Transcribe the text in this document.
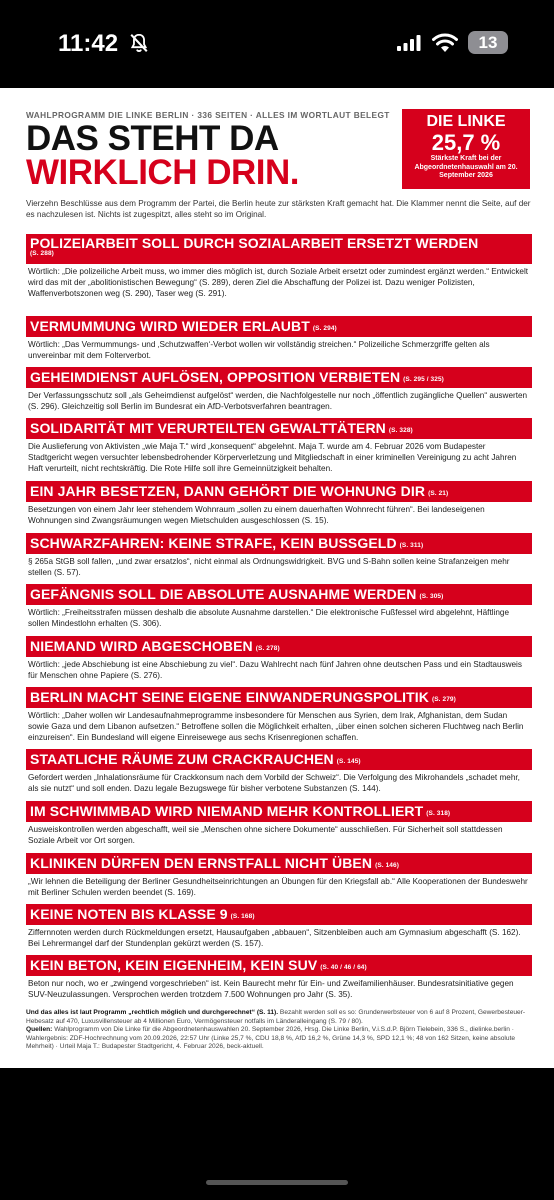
11:42	13
WAHLPROGRAMM DIE LINKE BERLIN · 336 SEITEN · ALLES IM WORTLAUT BELEGT
DAS STEHT DA
WIRKLICH DRIN.
DIE LINKE
25,7 %
Stärkste Kraft bei der Abgeordnetenhauswahl am 20. September 2026
Vierzehn Beschlüsse aus dem Programm der Partei, die Berlin heute zur stärksten Kraft gemacht hat. Die Klammer nennt die Seite, auf der es nachzulesen ist. Nichts ist zugespitzt, alles steht so im Original.
POLIZEIARBEIT SOLL DURCH SOZIALARBEIT ERSETZT WERDEN
(S. 288)
Wörtlich: „Die polizeiliche Arbeit muss, wo immer dies möglich ist, durch Soziale Arbeit ersetzt oder zumindest ergänzt werden.“ Entwickelt wird das mit der „abolitionistischen Bewegung“ (S. 289), deren Ziel die Abschaffung der Polizei ist. Dazu weniger Polizisten, Waffenverbotszonen weg (S. 290), Taser weg (S. 291).
VERMUMMUNG WIRD WIEDER ERLAUBT (S. 294)
Wörtlich: „Das Vermummungs- und ‚Schutzwaffen‘-Verbot wollen wir vollständig streichen.“ Polizeiliche Schmerzgriffe gelten als unvereinbar mit dem Folterverbot.
GEHEIMDIENST AUFLÖSEN, OPPOSITION VERBIETEN (S. 295 / 325)
Der Verfassungsschutz soll „als Geheimdienst aufgelöst“ werden, die Nachfolgestelle nur noch „öffentlich zugängliche Quellen“ auswerten (S. 296). Gleichzeitig soll Berlin im Bundesrat ein AfD-Verbotsverfahren beantragen.
SOLIDARITÄT MIT VERURTEILTEN GEWALTTÄTERN (S. 328)
Die Auslieferung von Aktivisten „wie Maja T.“ wird „konsequent“ abgelehnt. Maja T. wurde am 4. Februar 2026 vom Budapester Stadtgericht wegen versuchter lebensbedrohender Körperverletzung und Mitgliedschaft in einer kriminellen Vereinigung zu acht Jahren Haft verurteilt, nicht rechtskräftig. Die Rote Hilfe soll ihre Gemeinnützigkeit behalten.
EIN JAHR BESETZEN, DANN GEHÖRT DIE WOHNUNG DIR (S. 21)
Besetzungen von einem Jahr leer stehendem Wohnraum „sollen zu einem dauerhaften Wohnrecht führen“. Bei landeseigenen Wohnungen sind Zwangsräumungen wegen Mietschulden ausgeschlossen (S. 15).
SCHWARZFAHREN: KEINE STRAFE, KEIN BUSSGELD (S. 311)
§ 265a StGB soll fallen, „und zwar ersatzlos“, nicht einmal als Ordnungswidrigkeit. BVG und S-Bahn sollen keine Strafanzeigen mehr stellen (S. 57).
GEFÄNGNIS SOLL DIE ABSOLUTE AUSNAHME WERDEN (S. 305)
Wörtlich: „Freiheitsstrafen müssen deshalb die absolute Ausnahme darstellen.“ Die elektronische Fußfessel wird abgelehnt, Häftlinge sollen Mindestlohn erhalten (S. 306).
NIEMAND WIRD ABGESCHOBEN (S. 278)
Wörtlich: „jede Abschiebung ist eine Abschiebung zu viel“. Dazu Wahlrecht nach fünf Jahren ohne deutschen Pass und ein Stadtausweis für Menschen ohne Papiere (S. 276).
BERLIN MACHT SEINE EIGENE EINWANDERUNGSPOLITIK (S. 279)
Wörtlich: „Daher wollen wir Landesaufnahmeprogramme insbesondere für Menschen aus Syrien, dem Irak, Afghanistan, dem Sudan sowie Gaza und dem Libanon aufsetzen.“ Betroffene sollen die Möglichkeit erhalten, „über einen solchen sicheren Fluchtweg nach Berlin einzureisen“. Ein Bundesland will eigene Einreisewege aus sechs Krisenregionen schaffen.
STAATLICHE RÄUME ZUM CRACKRAUCHEN (S. 145)
Gefordert werden „Inhalationsräume für Crackkonsum nach dem Vorbild der Schweiz“. Die Verfolgung des Mikrohandels „schadet mehr, als sie nutzt“ und soll enden. Dazu legale Bezugswege für bisher verbotene Substanzen (S. 144).
IM SCHWIMMBAD WIRD NIEMAND MEHR KONTROLLIERT (S. 318)
Ausweiskontrollen werden abgeschafft, weil sie „Menschen ohne sichere Dokumente“ ausschließen. Für Sicherheit soll stattdessen Soziale Arbeit vor Ort sorgen.
KLINIKEN DÜRFEN DEN ERNSTFALL NICHT ÜBEN (S. 146)
„Wir lehnen die Beteiligung der Berliner Gesundheitseinrichtungen an Übungen für den Kriegsfall ab.“ Alle Kooperationen der Bundeswehr mit Berliner Schulen werden beendet (S. 169).
KEINE NOTEN BIS KLASSE 9 (S. 168)
Ziffernnoten werden durch Rückmeldungen ersetzt, Hausaufgaben „abbauen“, Sitzenbleiben auch am Gymnasium abgeschafft (S. 162). Bei Lehrermangel darf der Stundenplan gekürzt werden (S. 157).
KEIN BETON, KEIN EIGENHEIM, KEIN SUV (S. 40 / 46 / 64)
Beton nur noch, wo er „zwingend vorgeschrieben“ ist. Kein Baurecht mehr für Ein- und Zweifamilienhäuser. Bundesratsinitiative gegen SUV-Neuzulassungen. Versprochen werden trotzdem 7.500 Wohnungen pro Jahr (S. 35).
Und das alles ist laut Programm „rechtlich möglich und durchgerechnet“ (S. 11). Bezahlt werden soll es so: Grunderwerbsteuer von 6 auf 8 Prozent, Gewerbesteuer-Hebesatz auf 470, Luxusvillensteuer ab 4 Millionen Euro, Vermögensteuer notfalls im Länderalleingang (S. 79 / 80).
Quellen: Wahlprogramm von Die Linke für die Abgeordnetenhauswahlen 20. September 2026, Hrsg. Die Linke Berlin, V.i.S.d.P. Björn Tielebein, 336 S., dielinke.berlin · Wahlergebnis: ZDF-Hochrechnung vom 20.09.2026, 22:57 Uhr (Linke 25,7 %, CDU 18,8 %, AfD 16,2 %, Grüne 14,3 %, SPD 12,1 %; 48 von 162 Sitzen, keine absolute Mehrheit) · Urteil Maja T.: Budapester Stadtgericht, 4. Februar 2026, beck-aktuell.
